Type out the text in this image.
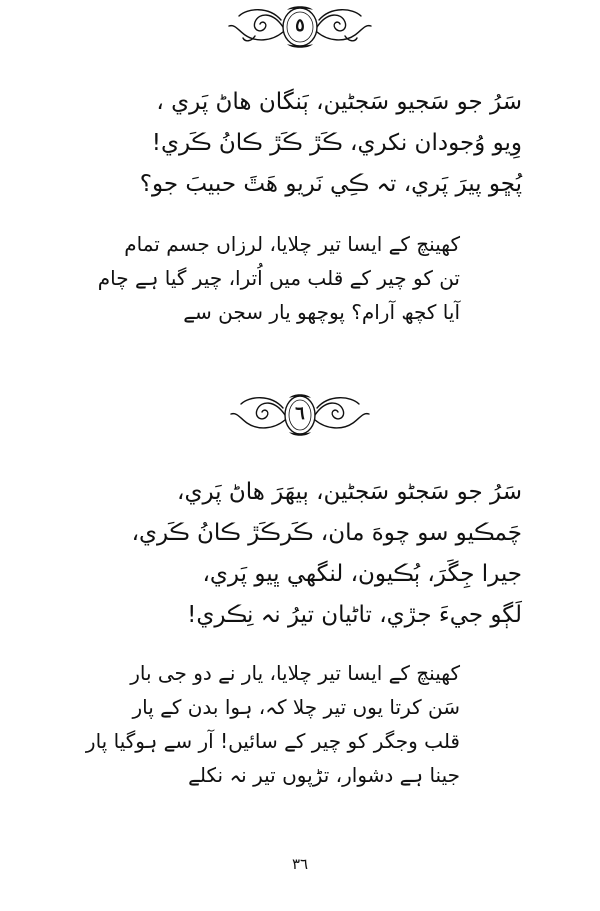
٥
سَرُ جو سَجيو سَجڻين، ٻَنگان هاڻ پَري ،
وِيو وُجودان نکري، ڪَڙ ڪَڙ ڪانُ ڪَري!
پُڇو پيرَ پَري، تہ ڪِي نَريو هَٿَ حبيبَ جو؟
کھینچ کے ایسا تیر چلایا، لرزاں جسم تمام
تن کو چیر کے قلب میں اُترا، چیر گیا ہے چام
آیا کچھ آرام؟ پوچھو یار سجن سے
٦
سَرُ جو سَجڻو سَجڻين، ٻيهَرَ هاڻ پَري،
چَمڪيو سو چوهَ مان، ڪَرڪَڙ ڪانُ ڪَري،
جيرا جِگَرَ، ٻُڪيون، لنگهي ڀيو پَري،
لَڳو جيءَ جڙي، تاڻيان تيرُ نہ نِڪري!
کھینچ کے ایسا تیر چلایا، یار نے دو جی بار
سَن کرتا یوں تیر چلا کہ، ہوا بدن کے پار
قلب وجگر کو چیر کے سائیں! آر سے ہوگیا پار
جینا ہے دشوار، تڑپوں تیر نہ نکلے
٣٦
